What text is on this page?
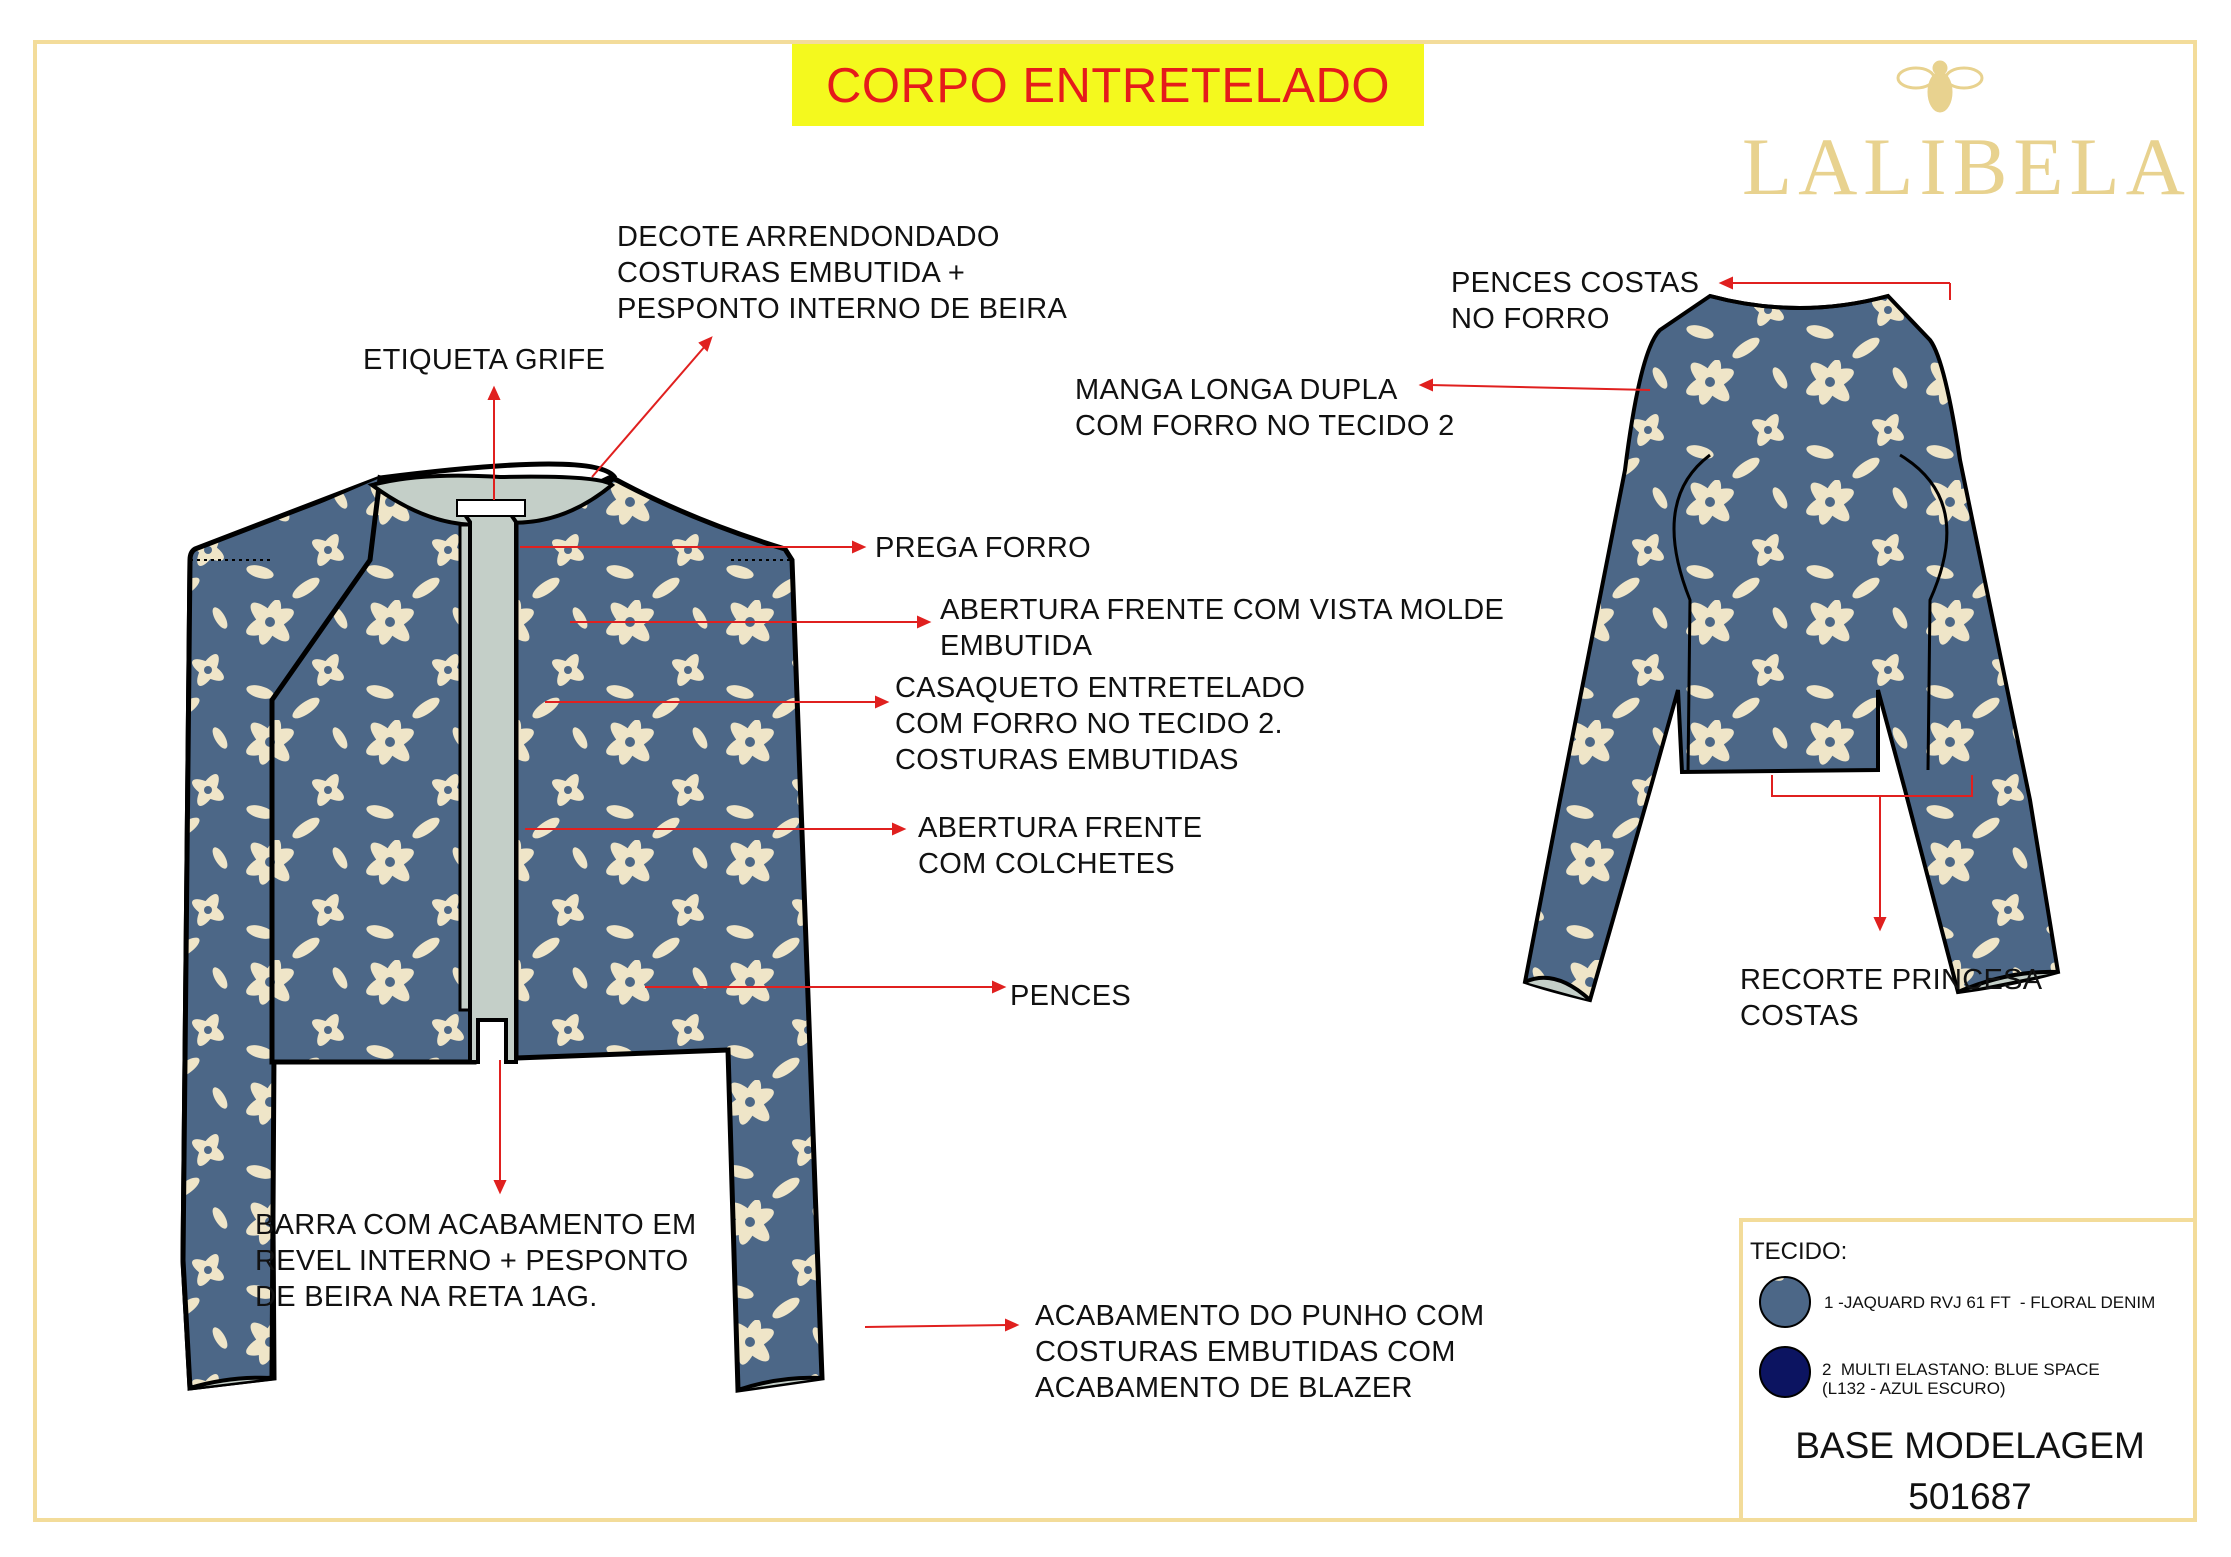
CORPO ENTRETELADO
LALIBELA
DECOTE ARRENDONDADO
COSTURAS EMBUTIDA +
PESPONTO INTERNO DE BEIRA
ETIQUETA GRIFE
PREGA FORRO
ABERTURA FRENTE COM VISTA MOLDE
EMBUTIDA
CASAQUETO ENTRETELADO
COM FORRO NO TECIDO 2.
COSTURAS EMBUTIDAS
ABERTURA FRENTE
COM COLCHETES
PENCES
BARRA COM ACABAMENTO EM
REVEL INTERNO + PESPONTO
DE BEIRA NA RETA 1AG.
ACABAMENTO DO PUNHO COM
COSTURAS EMBUTIDAS COM
ACABAMENTO DE BLAZER
PENCES COSTAS
NO FORRO
MANGA LONGA DUPLA
COM FORRO NO TECIDO 2
RECORTE PRINCESA
COSTAS
TECIDO:
1 -JAQUARD RVJ 61 FT  - FLORAL DENIM
2  MULTI ELASTANO: BLUE SPACE
(L132 - AZUL ESCURO)
BASE MODELAGEM
501687
